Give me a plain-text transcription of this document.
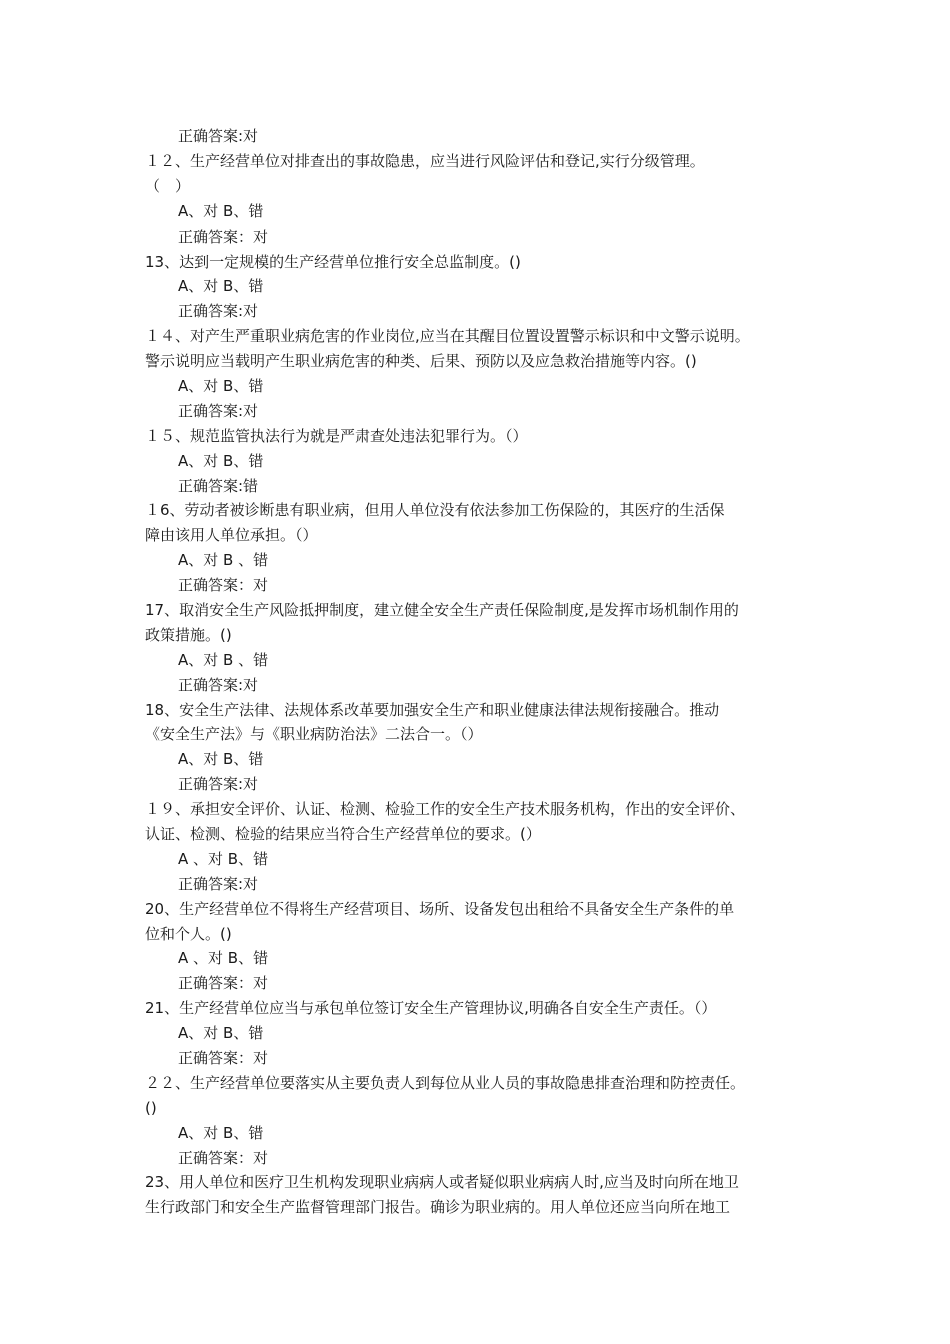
正确答案:对
１２、生产经营单位对排查出的事故隐患，应当进行风险评估和登记,实行分级管理。
（　）
A、对 B、错
正确答案：对
13、达到一定规模的生产经营单位推行安全总监制度。()
A、对 B、错
正确答案:对
１４、对产生严重职业病危害的作业岗位,应当在其醒目位置设置警示标识和中文警示说明。
警示说明应当载明产生职业病危害的种类、后果、预防以及应急救治措施等内容。()
A、对 B、错
正确答案:对
１５、规范监管执法行为就是严肃查处违法犯罪行为。（）
A、对 B、错
正确答案:错
１6、劳动者被诊断患有职业病，但用人单位没有依法参加工伤保险的，其医疗的生活保
障由该用人单位承担。（）
A、对 B 、错
正确答案：对
17、取消安全生产风险抵押制度，建立健全安全生产责任保险制度,是发挥市场机制作用的
政策措施。()
A、对 B 、错
正确答案:对
18、安全生产法律、法规体系改革要加强安全生产和职业健康法律法规衔接融合。推动
《安全生产法》与《职业病防治法》二法合一。（）
A、对 B、错
正确答案:对
１９、承担安全评价、认证、检测、检验工作的安全生产技术服务机构，作出的安全评价、
认证、检测、检验的结果应当符合生产经营单位的要求。(）
A 、对 B、错
正确答案:对
20、生产经营单位不得将生产经营项目、场所、设备发包出租给不具备安全生产条件的单
位和个人。()
A 、对 B、错
正确答案：对
21、生产经营单位应当与承包单位签订安全生产管理协议,明确各自安全生产责任。（）
A、对 B、错
正确答案：对
２２、生产经营单位要落实从主要负责人到每位从业人员的事故隐患排查治理和防控责任。
()
A、对 B、错
正确答案：对
23、用人单位和医疗卫生机构发现职业病病人或者疑似职业病病人时,应当及时向所在地卫
生行政部门和安全生产监督管理部门报告。确诊为职业病的。用人单位还应当向所在地工
